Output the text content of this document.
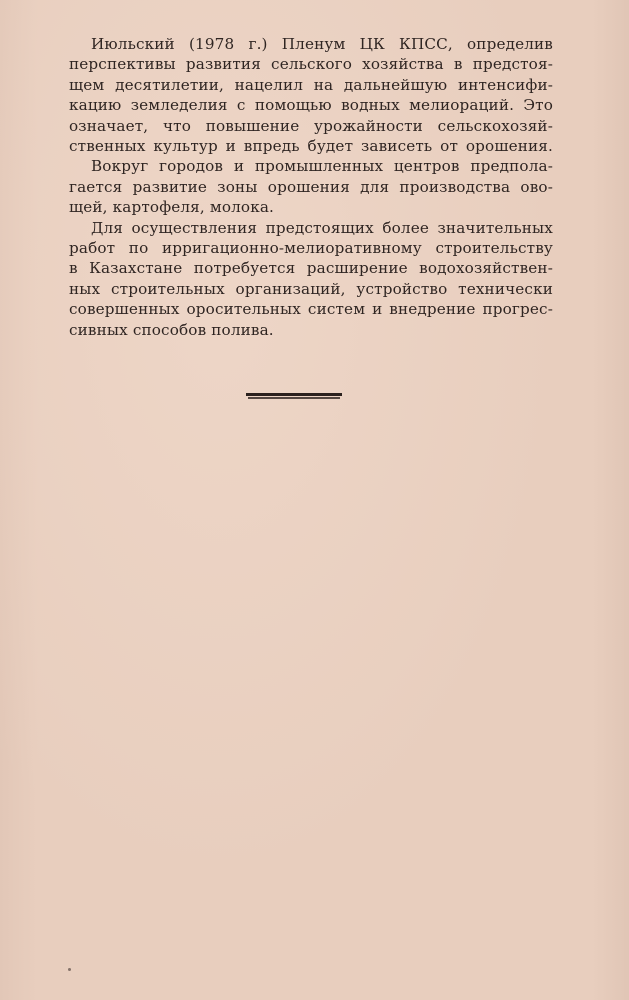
Июльский (1978 г.) Пленум ЦК КПСС, определив
перспективы развития сельского хозяйства в предстоя-
щем десятилетии, нацелил на дальнейшую интенсифи-
кацию земледелия с помощью водных мелиораций. Это
означает, что повышение урожайности сельскохозяй-
ственных культур и впредь будет зависеть от орошения.

Вокруг городов и промышленных центров предпола-
гается развитие зоны орошения для производства ово-
щей, картофеля, молока.

Для осуществления предстоящих более значительных
работ по ирригационно-мелиоративному строительству
в Казахстане потребуется расширение водохозяйствен-
ных строительных организаций, устройство технически
совершенных оросительных систем и внедрение прогрес-
сивных способов полива.
